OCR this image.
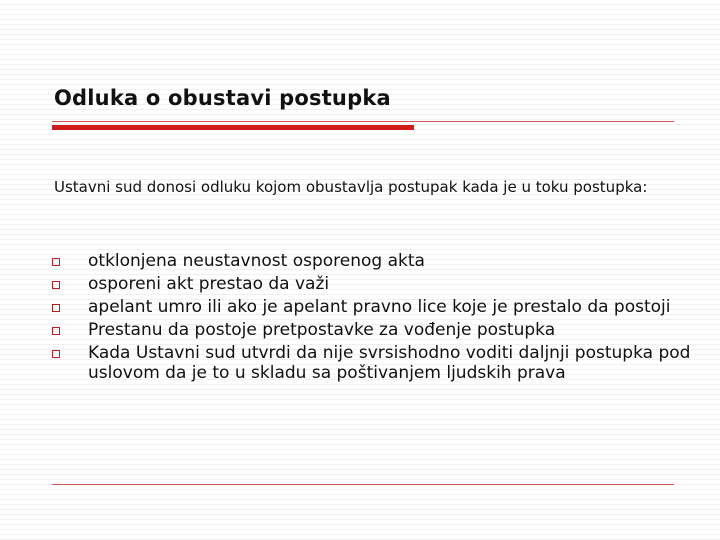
Odluka o obustavi postupka
Ustavni sud donosi odluku kojom obustavlja postupak kada je u toku postupka:
otklonjena neustavnost osporenog akta
osporeni akt prestao da važi
apelant umro ili ako je apelant pravno lice koje je prestalo da postoji
Prestanu da postoje pretpostavke za vođenje postupka
Kada Ustavni sud utvrdi da nije svrsishodno voditi daljnji postupka pod uslovom da je to u skladu sa poštivanjem ljudskih prava
